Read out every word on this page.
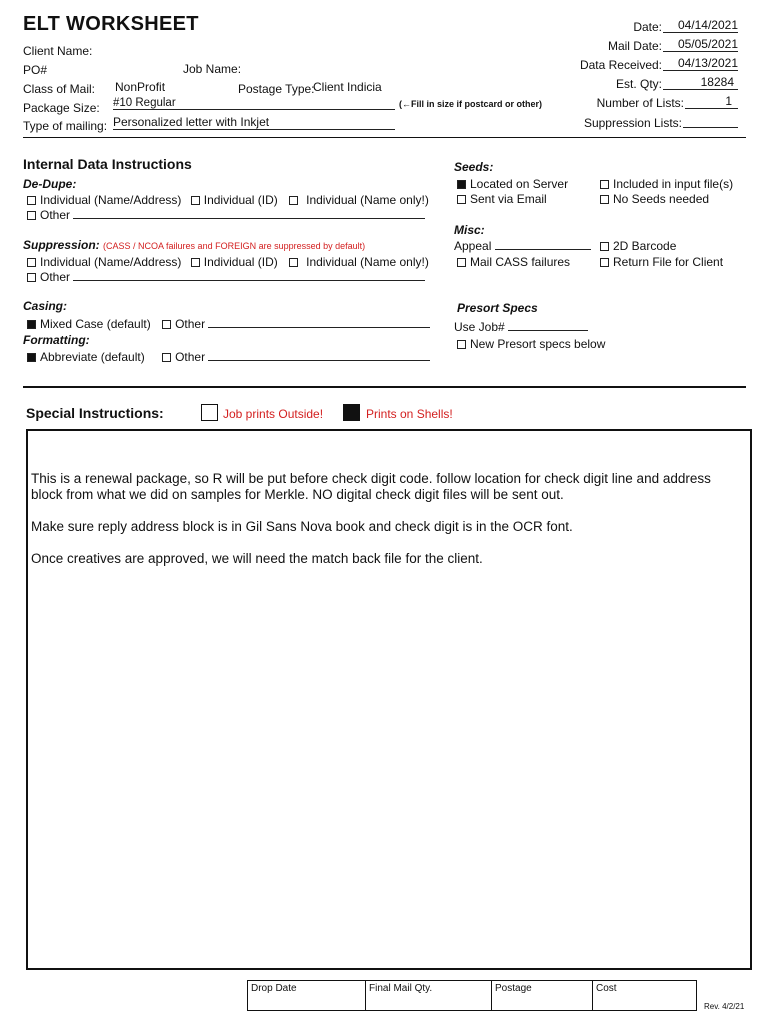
ELT WORKSHEET
Client Name:
PO#	Job Name:
Class of Mail: NonProfit	Postage Type:
Client Indicia
Package Size: #10 Regular	(←Fill in size if postcard or other)
Type of mailing: Personalized letter with Inkjet
Date:	04/14/2021
Mail Date:	05/05/2021
Data Received:	04/13/2021
Est. Qty:	18284
Number of Lists:	1
Suppression Lists:
Internal Data Instructions
De-Dupe:
Individual (Name/Address) Individual (ID) Individual (Name only!)
Other
Suppression: (CASS / NCOA failures and FOREIGN are suppressed by default)
Individual (Name/Address) Individual (ID) Individual (Name only!)
Other
Casing:
Mixed Case (default) Other
Formatting:
Abbreviate (default)	Other
Seeds:
Located on Server
Sent via Email
Included in input file(s)
No Seeds needed
Misc:
Appeal	2D Barcode
Mail CASS failures	Return File for Client
Presort Specs
Use Job#
New Presort specs below
Special Instructions:	Job prints Outside!	Prints on Shells!

This is a renewal package, so R will be put before check digit code. follow location for check digit line and address block from what we did on samples for Merkle. NO digital check digit files will be sent out.

Make sure reply address block is in Gil Sans Nova book and check digit is in the OCR font.

Once creatives are approved, we will need the match back file for the client.

Drop Date	Final Mail Qty.	Postage	Cost
Rev. 4/2/21
